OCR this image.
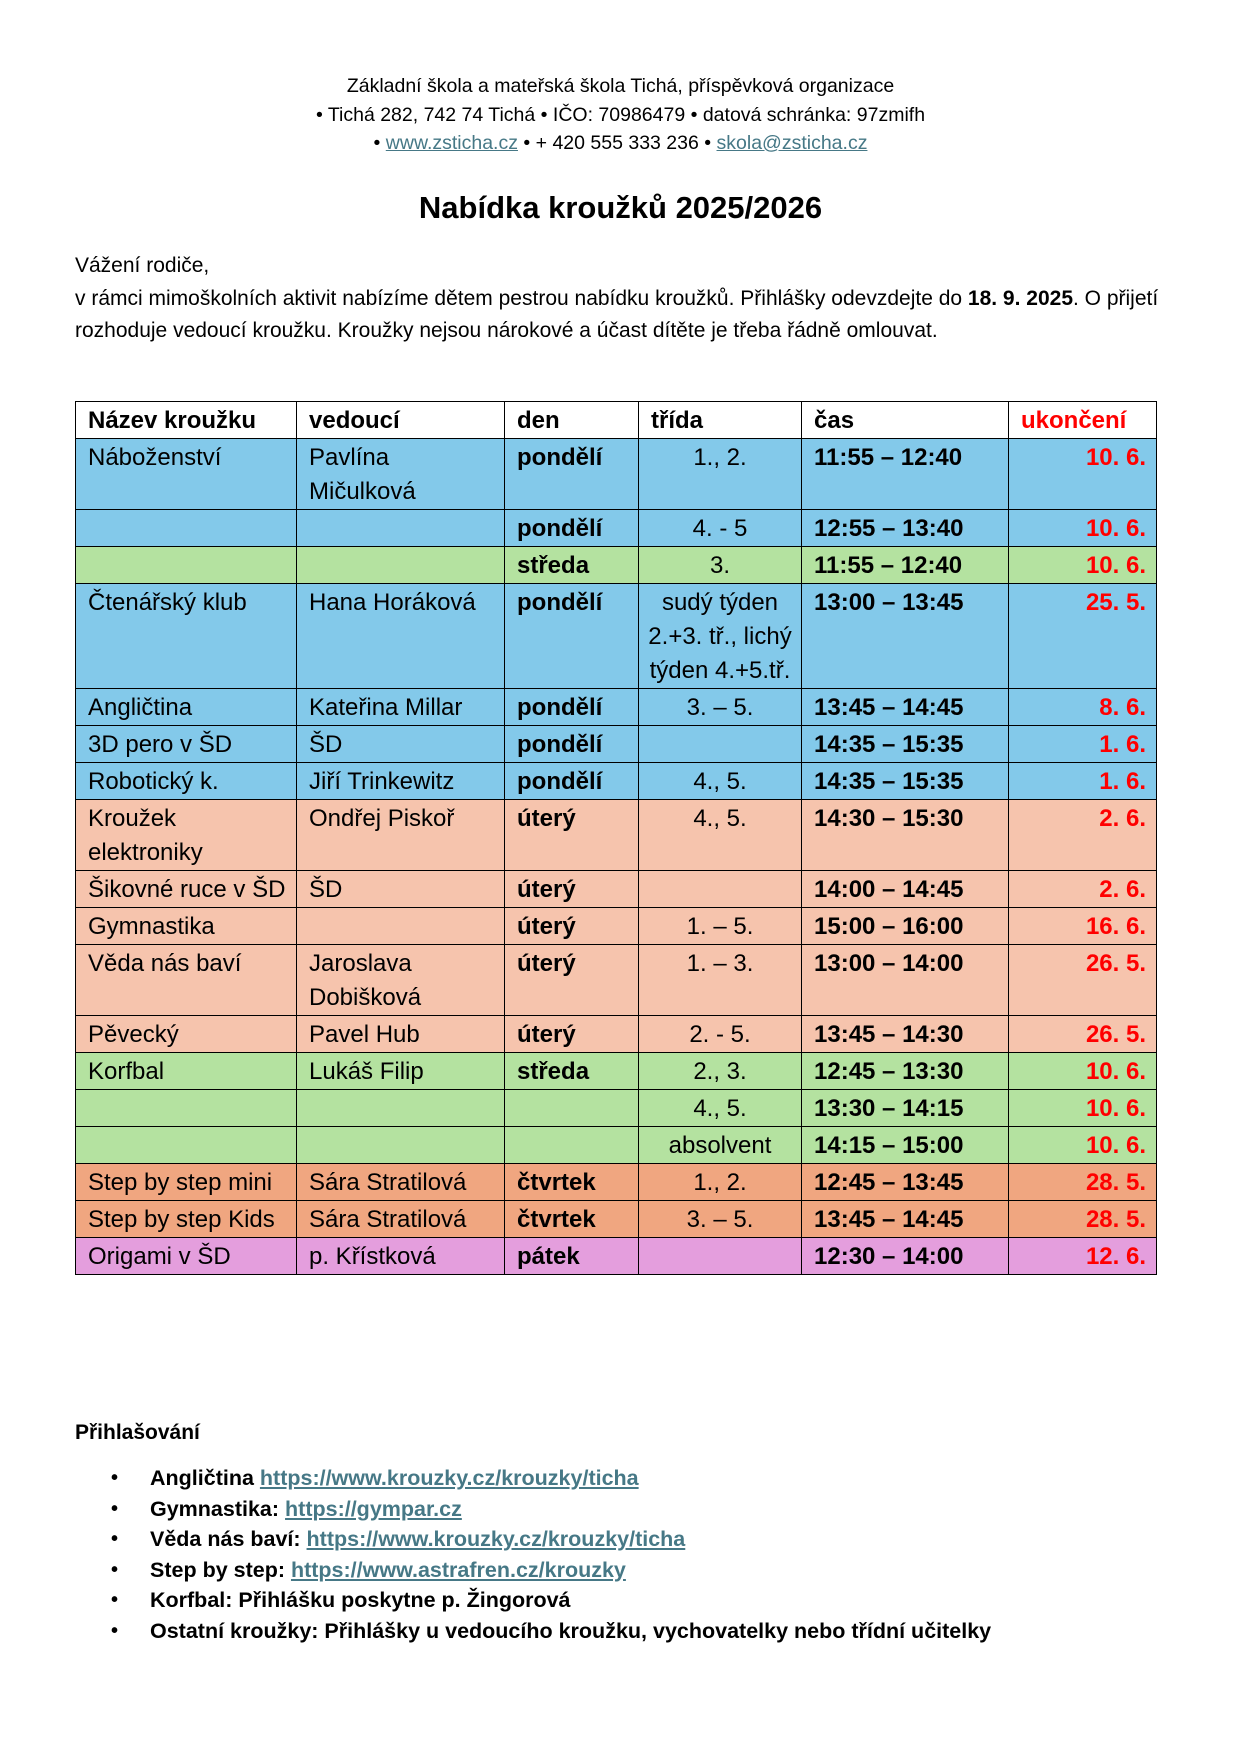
Základní škola a mateřská škola Tichá, příspěvková organizace
• Tichá 282, 742 74 Tichá • IČO: 70986479 • datová schránka: 97zmifh
• www.zsticha.cz • + 420 555 333 236 • skola@zsticha.cz
Nabídka kroužků 2025/2026
Vážení rodiče,
v rámci mimoškolních aktivit nabízíme dětem pestrou nabídku kroužků. Přihlášky odevzdejte do 18. 9. 2025. O přijetí rozhoduje vedoucí kroužku. Kroužky nejsou nárokové a účast dítěte je třeba řádně omlouvat.
Název kroužku	vedoucí	den	třída	čas	ukončení
Náboženství	Pavlína Mičulková	pondělí	1., 2.	11:55 – 12:40	10. 6.
		pondělí	4. - 5	12:55 – 13:40	10. 6.
		středa	3.	11:55 – 12:40	10. 6.
Čtenářský klub	Hana Horáková	pondělí	sudý týden 2.+3. tř., lichý týden 4.+5.tř.	13:00 – 13:45	25. 5.
Angličtina	Kateřina Millar	pondělí	3. – 5.	13:45 – 14:45	8. 6.
3D pero v ŠD	ŠD	pondělí		14:35 – 15:35	1. 6.
Robotický k.	Jiří Trinkewitz	pondělí	4., 5.	14:35 – 15:35	1. 6.
Kroužek elektroniky	Ondřej Piskoř	úterý	4., 5.	14:30 – 15:30	2. 6.
Šikovné ruce v ŠD	ŠD	úterý		14:00 – 14:45	2. 6.
Gymnastika		úterý	1. – 5.	15:00 – 16:00	16. 6.
Věda nás baví	Jaroslava Dobišková	úterý	1. – 3.	13:00 – 14:00	26. 5.
Pěvecký	Pavel Hub	úterý	2. - 5.	13:45 – 14:30	26. 5.
Korfbal	Lukáš Filip	středa	2., 3.	12:45 – 13:30	10. 6.
			4., 5.	13:30 – 14:15	10. 6.
			absolvent	14:15 – 15:00	10. 6.
Step by step mini	Sára Stratilová	čtvrtek	1., 2.	12:45 – 13:45	28. 5.
Step by step Kids	Sára Stratilová	čtvrtek	3. – 5.	13:45 – 14:45	28. 5.
Origami v ŠD	p. Křístková	pátek		12:30 – 14:00	12. 6.
Přihlašování
• Angličtina https://www.krouzky.cz/krouzky/ticha
• Gymnastika: https://gympar.cz
• Věda nás baví: https://www.krouzky.cz/krouzky/ticha
• Step by step: https://www.astrafren.cz/krouzky
• Korfbal: Přihlášku poskytne p. Žingorová
• Ostatní kroužky: Přihlášky u vedoucího kroužku, vychovatelky nebo třídní učitelky
